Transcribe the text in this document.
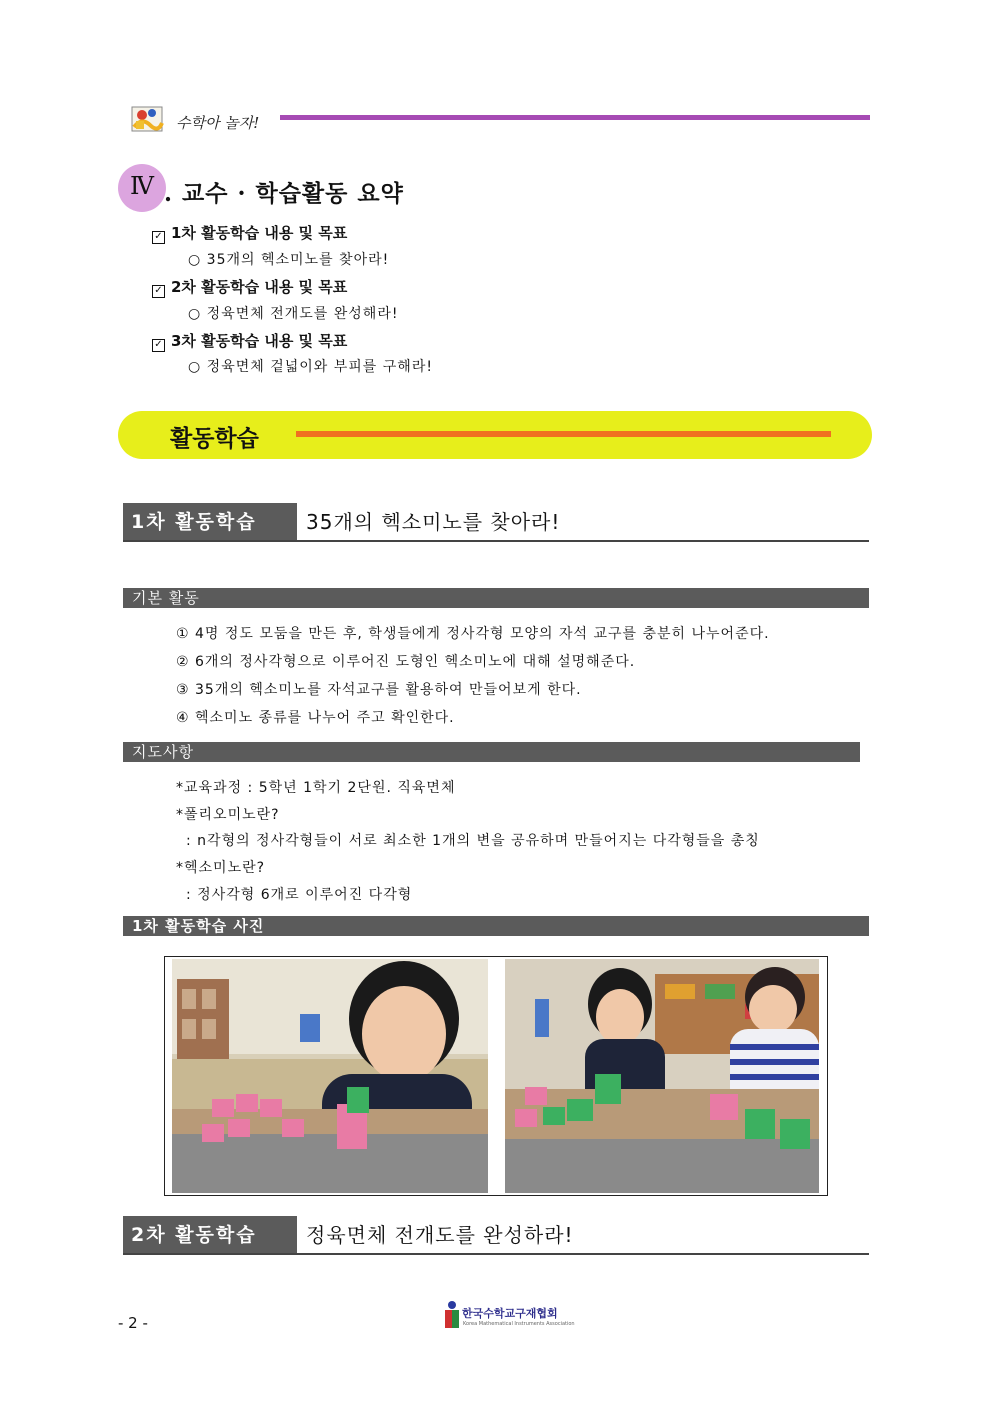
수학아 놀자!
Ⅳ . 교수 · 학습활동 요약
✓ 1차 활동학습 내용 및 목표
○ 35개의 헥소미노를 찾아라!
✓ 2차 활동학습 내용 및 목표
○ 정육면체 전개도를 완성해라!
✓ 3차 활동학습 내용 및 목표
○ 정육면체 겉넓이와 부피를 구해라!
활동학습
1차 활동학습	35개의 헥소미노를 찾아라!
기본 활동
① 4명 정도 모둠을 만든 후, 학생들에게 정사각형 모양의 자석 교구를 충분히 나누어준다.
② 6개의 정사각형으로 이루어진 도형인 헥소미노에 대해 설명해준다.
③ 35개의 헥소미노를 자석교구를 활용하여 만들어보게 한다.
④ 헥소미노 종류를 나누어 주고 확인한다.
지도사항
*교육과정 : 5학년 1학기 2단원. 직육면체
*폴리오미노란?
: n각형의 정사각형들이 서로 최소한 1개의 변을 공유하며 만들어지는 다각형들을 총칭
*헥소미노란?
: 정사각형 6개로 이루어진 다각형
1차 활동학습 사진
2차 활동학습	정육면체 전개도를 완성하라!
- 2 -
한국수학교구재협회
Korea Mathematical Instruments Association
